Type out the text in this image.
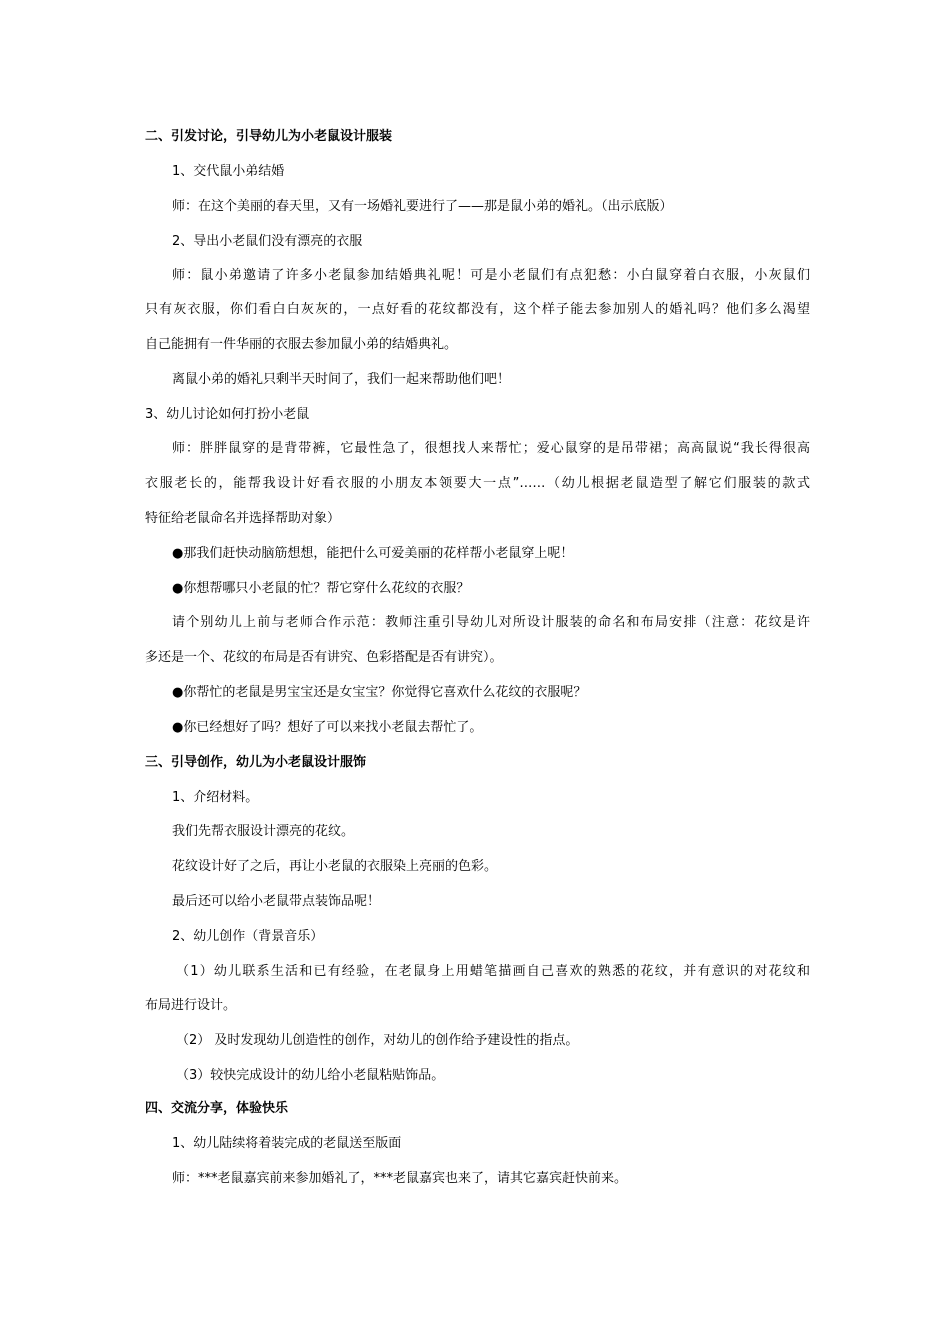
二、引发讨论，引导幼儿为小老鼠设计服装
1、交代鼠小弟结婚
师：在这个美丽的春天里，又有一场婚礼要进行了——那是鼠小弟的婚礼。（出示底版）
2、导出小老鼠们没有漂亮的衣服
师：鼠小弟邀请了许多小老鼠参加结婚典礼呢！可是小老鼠们有点犯愁：小白鼠穿着白衣服，小灰鼠们
只有灰衣服，你们看白白灰灰的，一点好看的花纹都没有，这个样子能去参加别人的婚礼吗？他们多么渴望
自己能拥有一件华丽的衣服去参加鼠小弟的结婚典礼。
离鼠小弟的婚礼只剩半天时间了，我们一起来帮助他们吧！
3、幼儿讨论如何打扮小老鼠
师：胖胖鼠穿的是背带裤，它最性急了，很想找人来帮忙；爱心鼠穿的是吊带裙；高高鼠说“我长得很高
衣服老长的，能帮我设计好看衣服的小朋友本领要大一点”……（幼儿根据老鼠造型了解它们服装的款式
特征给老鼠命名并选择帮助对象）
●那我们赶快动脑筋想想，能把什么可爱美丽的花样帮小老鼠穿上呢！
●你想帮哪只小老鼠的忙？帮它穿什么花纹的衣服？
请个别幼儿上前与老师合作示范：教师注重引导幼儿对所设计服装的命名和布局安排（注意：花纹是许
多还是一个、花纹的布局是否有讲究、色彩搭配是否有讲究）。
●你帮忙的老鼠是男宝宝还是女宝宝？你觉得它喜欢什么花纹的衣服呢？
●你已经想好了吗？想好了可以来找小老鼠去帮忙了。
三、引导创作，幼儿为小老鼠设计服饰
1、介绍材料。
我们先帮衣服设计漂亮的花纹。
花纹设计好了之后，再让小老鼠的衣服染上亮丽的色彩。
最后还可以给小老鼠带点装饰品呢！
2、幼儿创作（背景音乐）
（1）幼儿联系生活和已有经验，在老鼠身上用蜡笔描画自己喜欢的熟悉的花纹，并有意识的对花纹和
布局进行设计。
（2） 及时发现幼儿创造性的创作，对幼儿的创作给予建设性的指点。
（3）较快完成设计的幼儿给小老鼠粘贴饰品。
四、交流分享，体验快乐
1、幼儿陆续将着装完成的老鼠送至版面
师：***老鼠嘉宾前来参加婚礼了，***老鼠嘉宾也来了，请其它嘉宾赶快前来。
